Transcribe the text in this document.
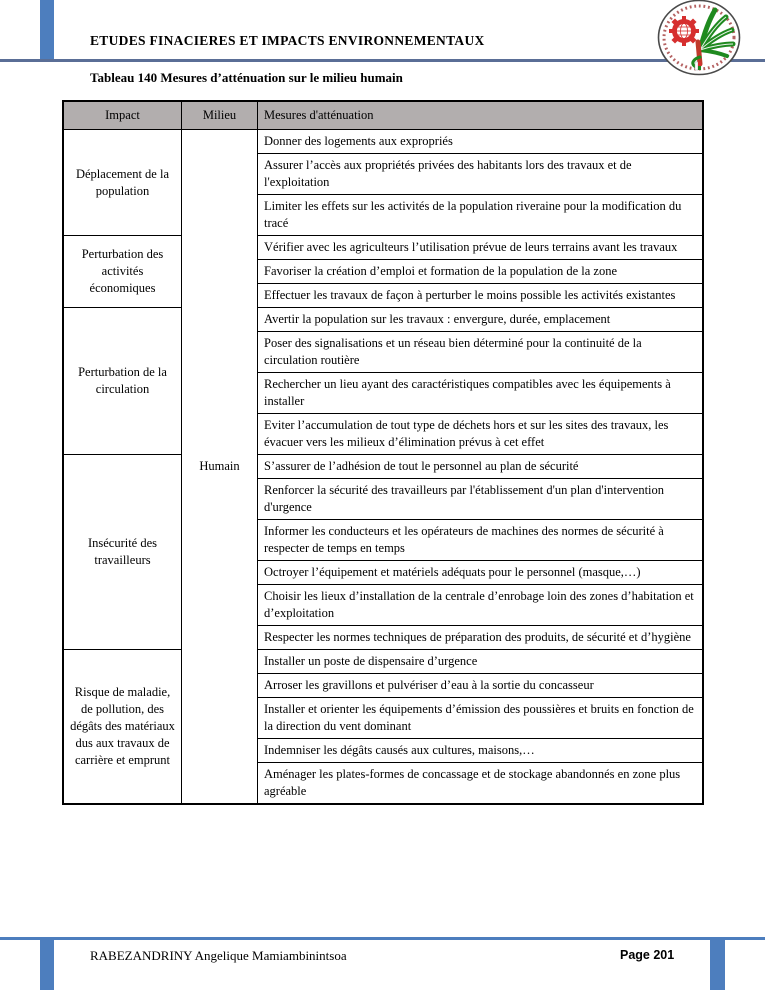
ETUDES FINACIERES ET IMPACTS ENVIRONNEMENTAUX
Tableau 140 Mesures d’atténuation sur le milieu humain
Impact	Milieu	Mesures d'atténuation
Déplacement de la population	Humain	Donner des logements aux expropriés
		Assurer l’accès aux propriétés privées des habitants lors des travaux et de l'exploitation
		Limiter les effets sur les activités de la population riveraine pour la modification du tracé
Perturbation des activités économiques		Vérifier avec les agriculteurs l’utilisation prévue de leurs terrains avant les travaux
		Favoriser la création d’emploi et formation de la population de la zone
		Effectuer les travaux de façon à perturber le moins possible les activités existantes
Perturbation de la circulation		Avertir la population sur les travaux : envergure, durée, emplacement
		Poser des signalisations et un réseau bien déterminé pour la continuité de la circulation routière
		Rechercher un lieu ayant des caractéristiques compatibles avec les équipements à installer
		Eviter l’accumulation de tout type de déchets hors et sur les sites des travaux, les évacuer vers les milieux d’élimination prévus à cet effet
Insécurité des travailleurs		S’assurer de l’adhésion de tout le personnel au plan de sécurité
		Renforcer la sécurité des travailleurs par l'établissement d'un plan d'intervention d'urgence
		Informer les conducteurs et les opérateurs de machines des normes de sécurité à respecter de temps en temps
		Octroyer l’équipement et matériels adéquats pour le personnel (masque,…)
		Choisir les lieux d’installation de la centrale d’enrobage loin des zones d’habitation et d’exploitation
		Respecter les normes techniques de préparation des produits, de sécurité et d’hygiène
Risque de maladie, de pollution, des dégâts des matériaux dus aux travaux de carrière et emprunt		Installer un poste de dispensaire d’urgence
		Arroser les gravillons et pulvériser d’eau à la sortie du concasseur
		Installer et orienter les équipements d’émission des poussières et bruits en fonction de la direction du vent dominant
		Indemniser les dégâts causés aux cultures, maisons,…
		Aménager les plates-formes de concassage et de stockage abandonnés en zone plus agréable
RABEZANDRINY Angelique Mamiambinintsoa	Page 201
